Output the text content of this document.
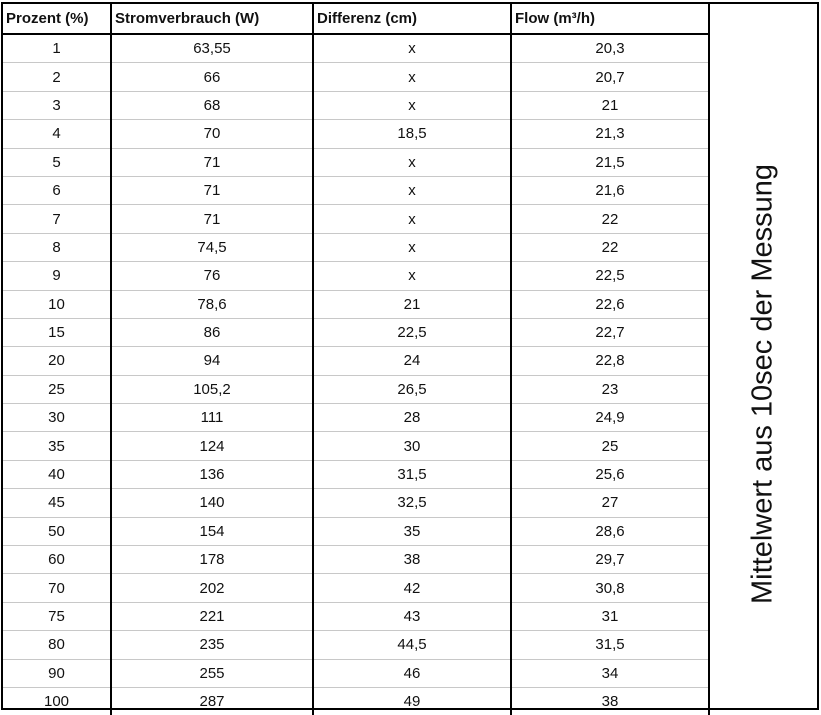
Prozent (%)	Stromverbrauch (W)	Differenz (cm)	Flow (m³/h)
1	63,55	x	20,3
2	66	x	20,7
3	68	x	21
4	70	18,5	21,3
5	71	x	21,5
6	71	x	21,6
7	71	x	22
8	74,5	x	22
9	76	x	22,5
10	78,6	21	22,6
15	86	22,5	22,7
20	94	24	22,8
25	105,2	26,5	23
30	111	28	24,9
35	124	30	25
40	136	31,5	25,6
45	140	32,5	27
50	154	35	28,6
60	178	38	29,7
70	202	42	30,8
75	221	43	31
80	235	44,5	31,5
90	255	46	34
100	287	49	38
Mittelwert aus 10sec der Messung
